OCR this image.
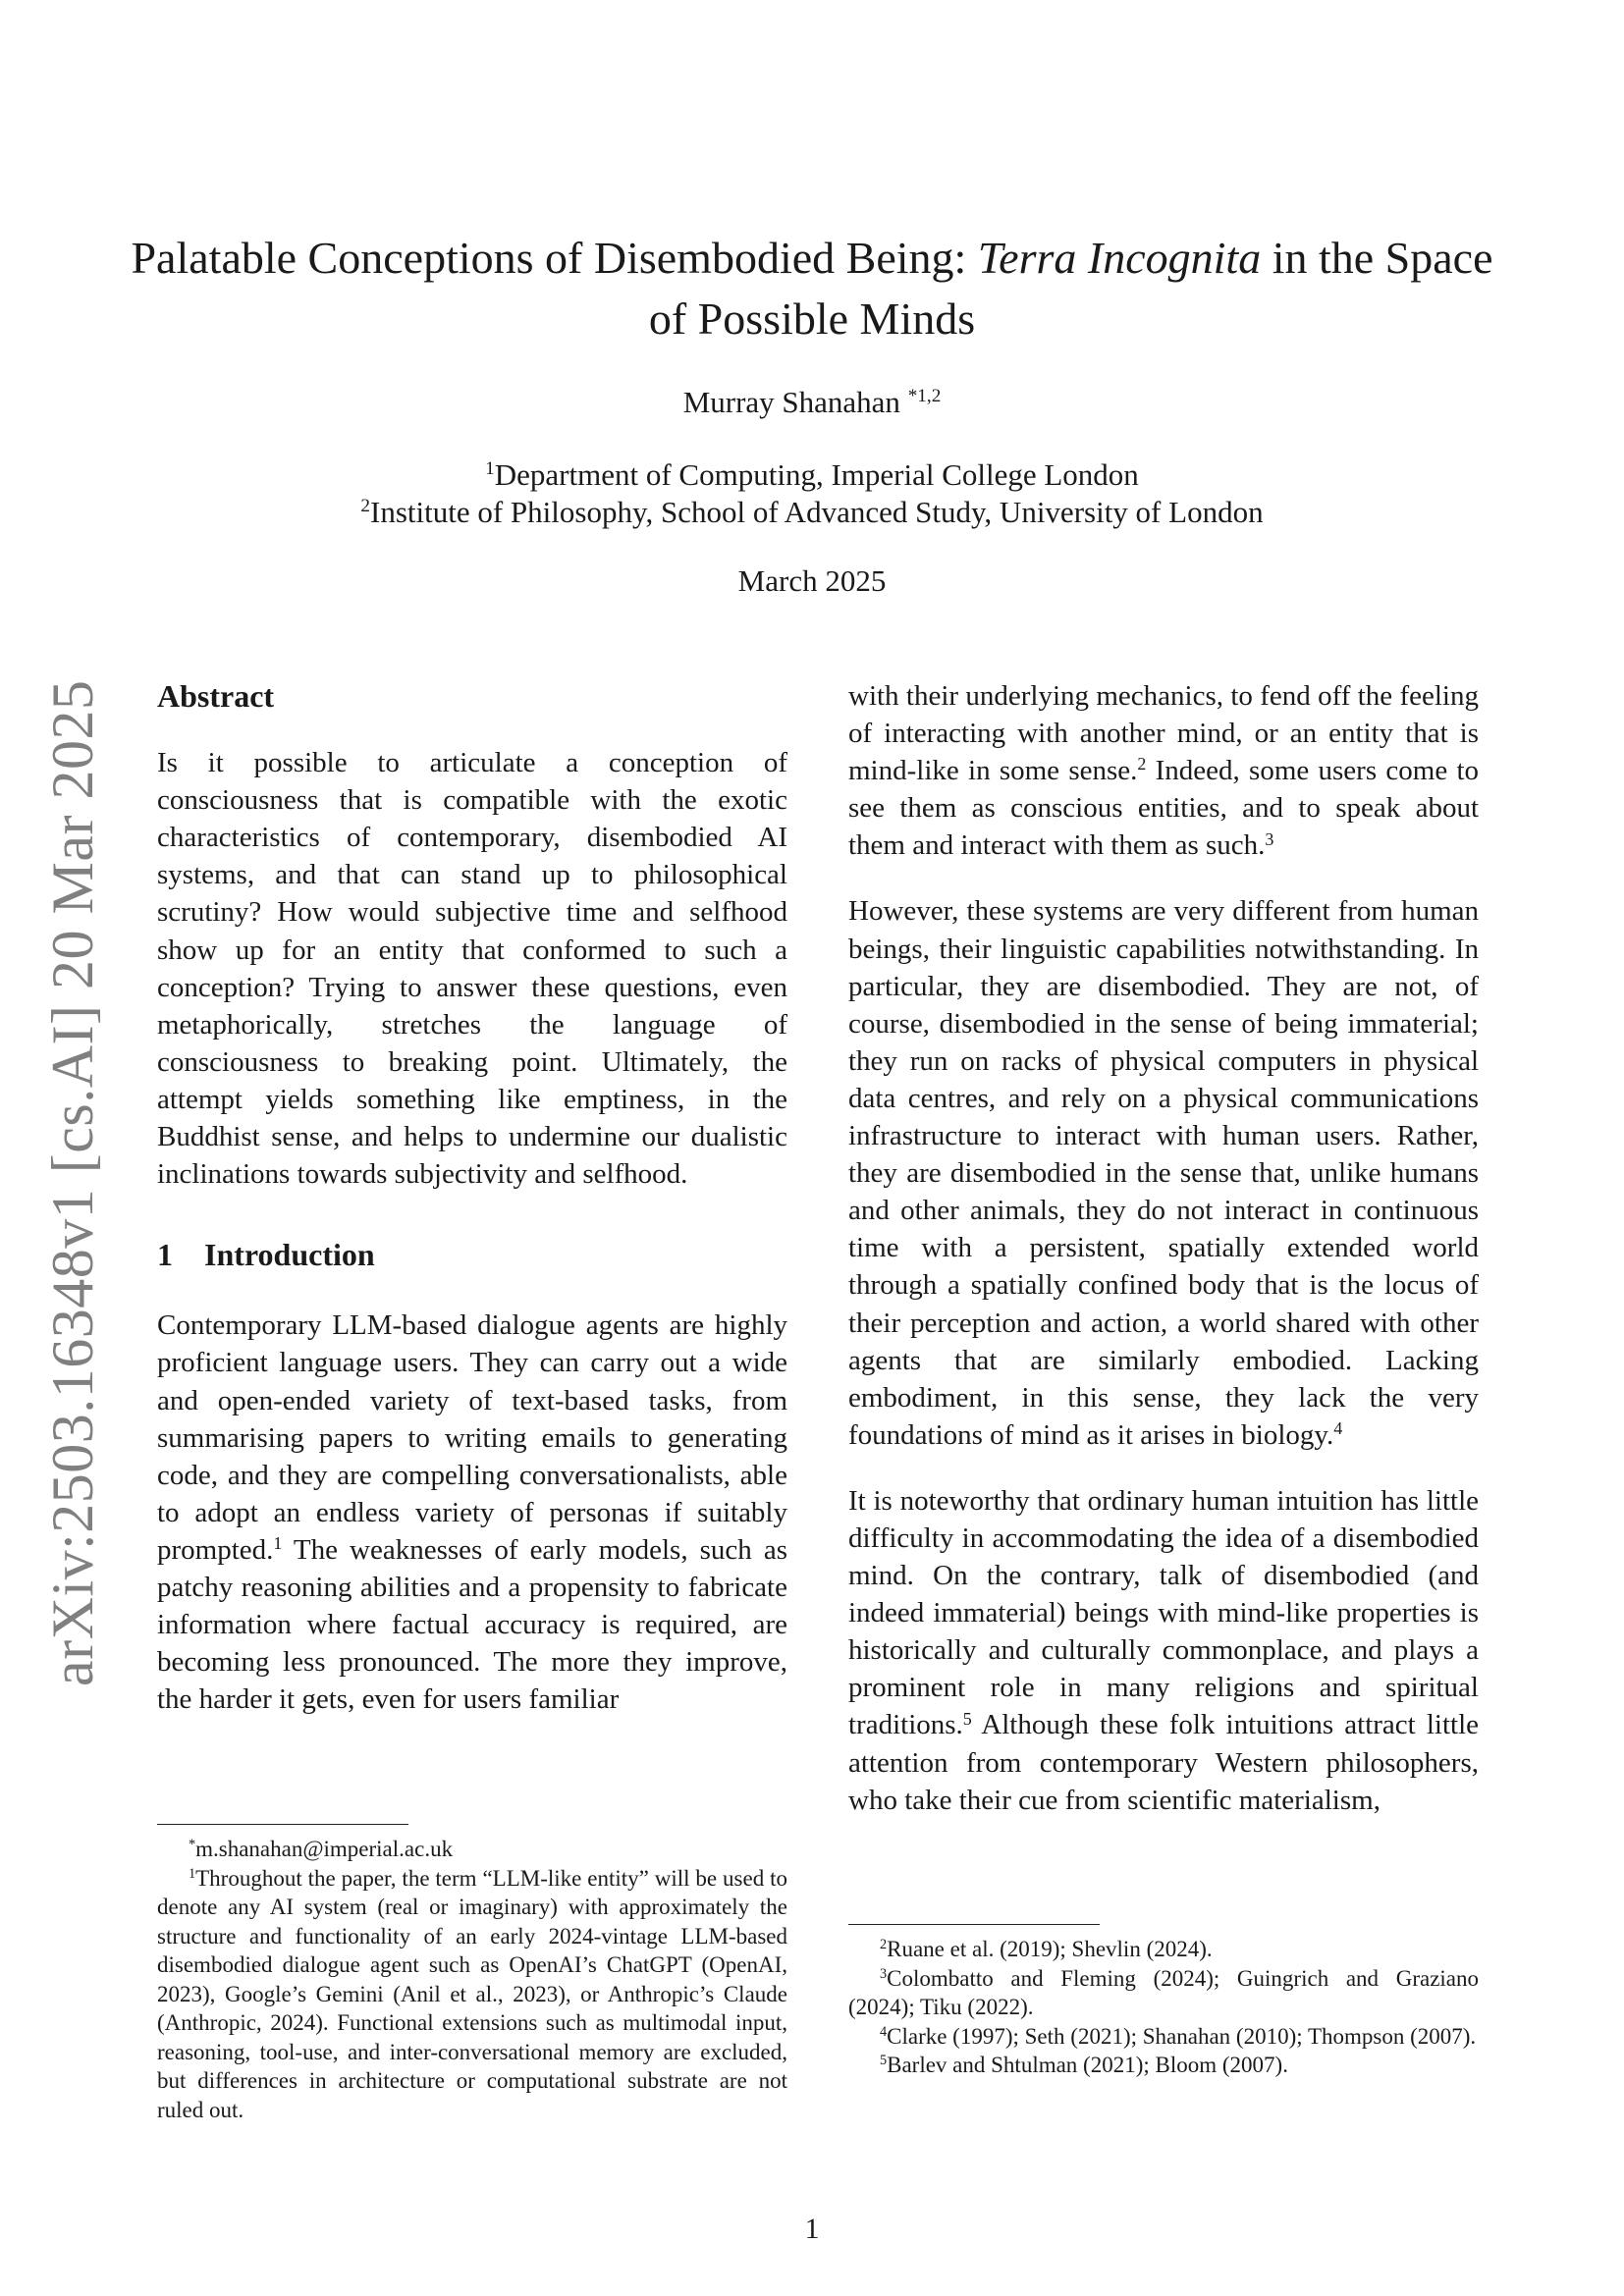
Palatable Conceptions of Disembodied Being: Terra Incognita in the Space of Possible Minds
Murray Shanahan $^{*1,2}$
$^1$Department of Computing, Imperial College London
$^2$Institute of Philosophy, School of Advanced Study, University of London
March 2025
arXiv:2503.16348v1 [cs.AI] 20 Mar 2025 Abstract

Is it possible to articulate a conception of consciousness that is compatible with the exotic characteristics of contemporary, disembodied AI systems, and that can stand up to philosophical scrutiny? How would subjective time and selfhood show up for an entity that conformed to such a conception? Trying to answer these questions, even metaphorically, stretches the language of consciousness to breaking point. Ultimately, the attempt yields something like emptiness, in the Buddhist sense, and helps to undermine our dualistic inclinations towards subjectivity and selfhood.

1 Introduction

Contemporary LLM-based dialogue agents are highly proficient language users. They can carry out a wide and open-ended variety of text-based tasks, from summarising papers to writing emails to generating code, and they are compelling conversationalists, able to adopt an endless variety of personas if suitably prompted.$^1$ The weaknesses of early models, such as patchy reasoning abilities and a propensity to fabricate information where factual accuracy is required, are becoming less pronounced. The more they improve, the harder it gets, even for users familiar

*m.shanahan@imperial.ac.uk

$^1$Throughout the paper, the term “LLM-like entity” will be used to denote any AI system (real or imaginary) with approximately the structure and functionality of an early 2024-vintage LLM-based disembodied dialogue agent such as OpenAI’s ChatGPT (OpenAI, 2023), Google’s Gemini (Anil et al., 2023), or Anthropic’s Claude (Anthropic, 2024). Functional extensions such as multimodal input, reasoning, tool-use, and inter-conversational memory are excluded, but differences in architecture or computational substrate are not ruled out.

$^2$Ruane et al. (2019); Shevlin (2024).

$^3$Colombatto and Fleming (2024); Guingrich and Graziano (2024); Tiku (2022).

$^4$Clarke (1997); Seth (2021); Shanahan (2010); Thompson (2007).

$^5$Barlev and Shtulman (2021); Bloom (2007).

1

with their underlying mechanics, to fend off the feeling of interacting with another mind, or an entity that is mind-like in some sense.$^2$ Indeed, some users come to see them as conscious entities, and to speak about them and interact with them as such.$^3$

However, these systems are very different from human beings, their linguistic capabilities notwithstanding. In particular, they are disembodied. They are not, of course, disembodied in the sense of being immaterial; they run on racks of physical computers in physical data centres, and rely on a physical communications infrastructure to interact with human users. Rather, they are disembodied in the sense that, unlike humans and other animals, they do not interact in continuous time with a persistent, spatially extended world through a spatially confined body that is the locus of their perception and action, a world shared with other agents that are similarly embodied. Lacking embodiment, in this sense, they lack the very foundations of mind as it arises in biology.$^4$

It is noteworthy that ordinary human intuition has little difficulty in accommodating the idea of a disembodied mind. On the contrary, talk of disembodied (and indeed immaterial) beings with mind-like properties is historically and culturally commonplace, and plays a prominent role in many religions and spiritual traditions.$^5$ Although these folk intuitions attract little attention from contemporary Western philosophers, who take their cue from scientific materialism,
